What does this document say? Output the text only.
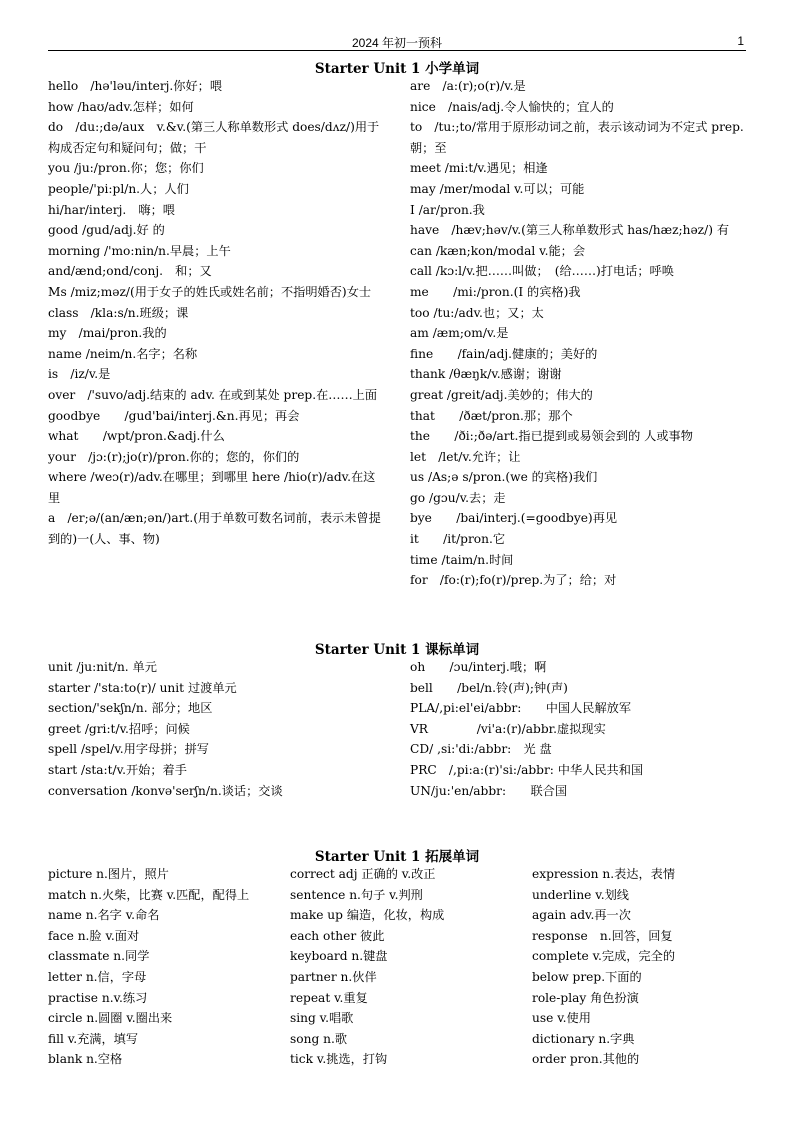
2024 年初一预科	1
Starter Unit 1 小学单词
hello　/hə'ləu/interj.你好；喂
how /haʊ/adv.怎样；如何
do　/du:;də/aux　v.&v.(第三人称单数形式 does/dʌz/)用于构成否定句和疑问句；做；干
you /ju:/pron.你；您；你们
people/'pi:pl/n.人；人们
hi/har/interj.　嗨；喂
good /gud/adj.好 的
morning /'mo:nin/n.早晨；上午
and/ænd;ond/conj.　和；又
Ms /miz;məz/(用于女子的姓氏或姓名前；不指明婚否)女士
class　/kla:s/n.班级；课
my　/mai/pron.我的
name /neim/n.名字；名称
is　/iz/v.是
over　/'suvo/adj.结束的 adv. 在或到某处 prep.在……上面
goodbye　　/gud'bai/interj.&n.再见；再会
what　　/wpt/pron.&adj.什么
your　/jɔ:(r);jo(r)/pron.你的；您的，你们的
where /weɔ(r)/adv.在哪里；到哪里 here /hio(r)/adv.在这里
a　/er;ə/(an/æn;ən/)art.(用于单数可数名词前，表示未曾提到的)一(人、事、物)
are　/a:(r);o(r)/v.是
nice　/nais/adj.令人愉快的；宜人的
to　/tu:;to/常用于原形动词之前，表示该动词为不定式 prep. 朝；至
meet /mi:t/v.遇见；相逢
may /mer/modal v.可以；可能
I /ar/pron.我
have　/hæv;həv/v.(第三人称单数形式 has/hæz;həz/) 有
can /kæn;kon/modal v.能；会
call /kɔ:l/v.把……叫做；　(给……)打电话；呼唤
me　　/mi:/pron.(I 的宾格)我
too /tu:/adv.也；又；太
am /æm;om/v.是
fine　　/fain/adj.健康的；美好的
thank /θæŋk/v.感谢；谢谢
great /greit/adj.美妙的；伟大的
that　　/ðæt/pron.那；那个
the　　/ði:;ðə/art.指已提到或易领会到的 人或事物
let　/let/v.允许；让
us /As;ə s/pron.(we 的宾格)我们
go /gɔu/v.去；走
bye　　/bai/interj.(=goodbye)再见
it　　/it/pron.它
time /taim/n.时间
for　/fo:(r);fo(r)/prep.为了；给；对
Starter Unit 1 课标单词
unit /ju:nit/n. 单元
starter /'sta:to(r)/ unit 过渡单元
section/'sekʃn/n. 部分；地区
greet /gri:t/v.招呼；问候
spell /spel/v.用字母拼；拼写
start /sta:t/v.开始；着手
conversation /konvə'serʃn/n.谈话；交谈
oh　　/ɔu/interj.哦；啊
bell　　/bel/n.铃(声);钟(声)
PLA/,pi:el'ei/abbr:　　中国人民解放军
VR　　　　/vi'a:(r)/abbr.虚拟现实
CD/ ,si:'di:/abbr:　光 盘
PRC　/,pi:a:(r)'si:/abbr: 中华人民共和国
UN/ju:'en/abbr:　　联合国
Starter Unit 1 拓展单词
picture n.图片，照片
match n.火柴，比赛 v.匹配，配得上
name n.名字 v.命名
face n.脸 v.面对
classmate n.同学
letter n.信，字母
practise n.v.练习
circle n.圆圈 v.圈出来
fill v.充满，填写
blank n.空格
correct adj 正确的 v.改正
sentence n.句子 v.判刑
make up 编造，化妆，构成
each other 彼此
keyboard n.键盘
partner n.伙伴
repeat v.重复
sing v.唱歌
song n.歌
tick v.挑选，打钩
expression n.表达，表情
underline v.划线
again adv.再一次
response　n.回答，回复
complete v.完成，完全的
below prep.下面的
role-play 角色扮演
use v.使用
dictionary n.字典
order pron.其他的
